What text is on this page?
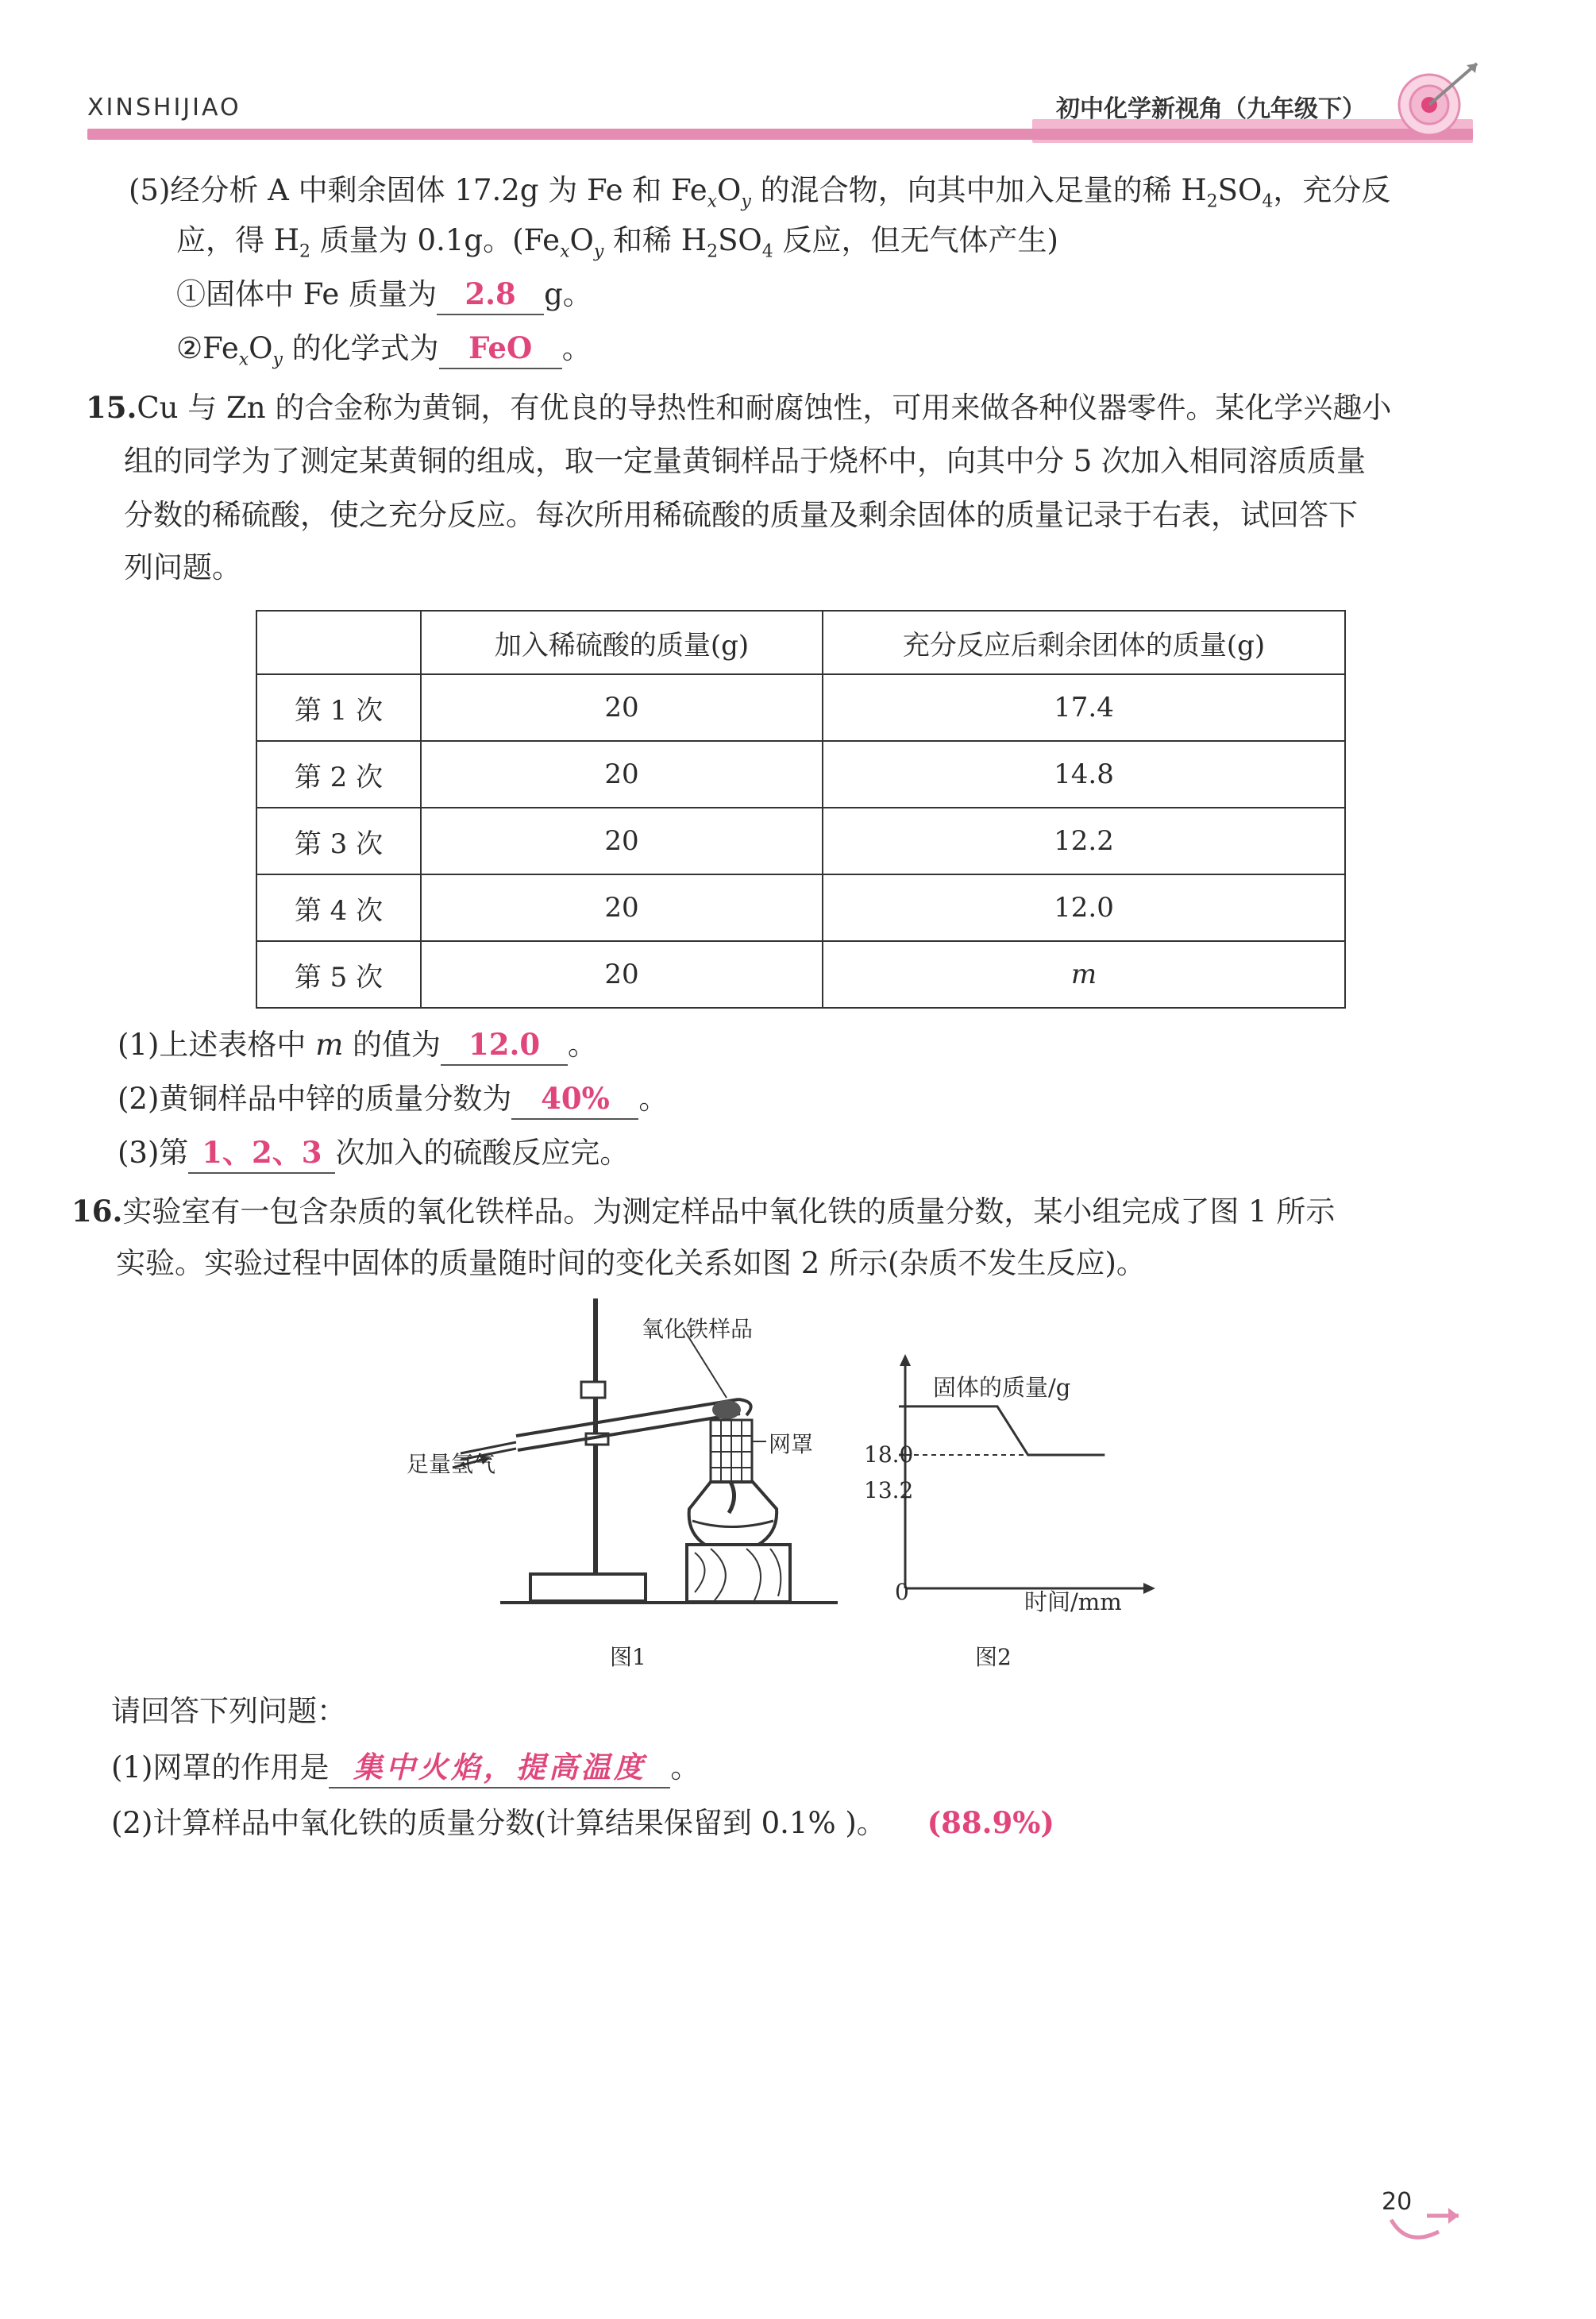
XINSHIJIAO	初中化学新视角（九年级下）
(5)经分析 A 中剩余固体 17.2g 为 Fe 和 $Fe_xO_y$ 的混合物，向其中加入足量的稀 $H_2SO_4$，充分反
应，得 $H_2$ 质量为 0.1g。($Fe_xO_y$ 和稀 $H_2SO_4$ 反应，但无气体产生)
①固体中 Fe 质量为 2.8 g。
$②Fe_xO_y$ 的化学式为 FeO 。
15.Cu 与 Zn 的合金称为黄铜，有优良的导热性和耐腐蚀性，可用来做各种仪器零件。某化学兴趣小
组的同学为了测定某黄铜的组成，取一定量黄铜样品于烧杯中，向其中分 5 次加入相同溶质质量
分数的稀硫酸，使之充分反应。每次所用稀硫酸的质量及剩余固体的质量记录于右表，试回答下
列问题。
	加入稀硫酸的质量(g)	充分反应后剩余团体的质量(g)
第 1 次	20	17.4
第 2 次	20	14.8
第 3 次	20	12.2
第 4 次	20	12.0
第 5 次	20	m
(1)上述表格中 m 的值为 12.0 。
(2)黄铜样品中锌的质量分数为 40% 。
(3)第 1、2、3 次加入的硫酸反应完。
16.实验室有一包含杂质的氧化铁样品。为测定样品中氧化铁的质量分数，某小组完成了图 1 所示
实验。实验过程中固体的质量随时间的变化关系如图 2 所示(杂质不发生反应)。
氧化铁样品
足量氢气
网罩
图1
固体的质量/g
时间/mm
0
18.0
13.2
图2
请回答下列问题：
(1)网罩的作用是 集中火焰，提高温度 。
(2)计算样品中氧化铁的质量分数(计算结果保留到 0.1% )。 (88.9%)
20
